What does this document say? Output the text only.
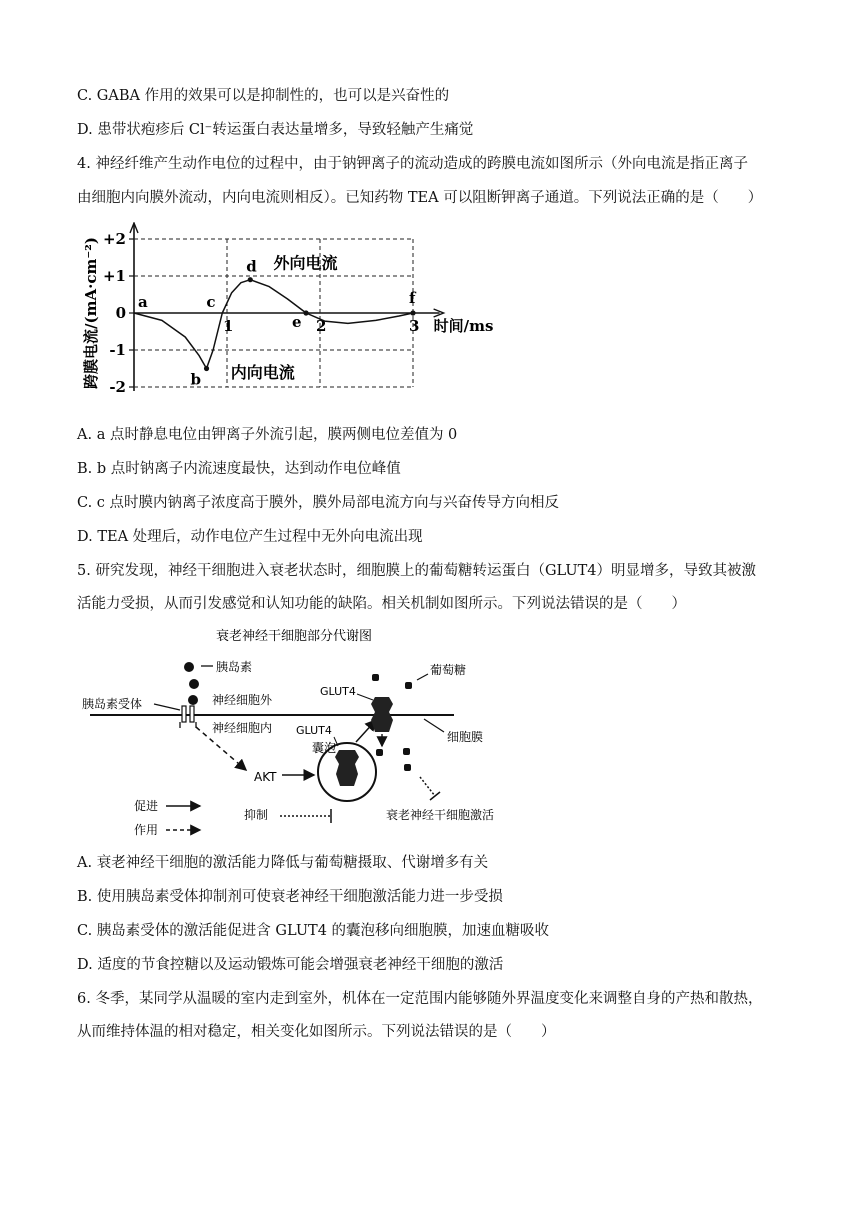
C. GABA 作用的效果可以是抑制性的，也可以是兴奋性的
D. 患带状疱疹后 Cl⁻转运蛋白表达量增多，导致轻触产生痛觉
4. 神经纤维产生动作电位的过程中，由于钠钾离子的流动造成的跨膜电流如图所示（外向电流是指正离子
由细胞内向膜外流动，内向电流则相反）。已知药物 TEA 可以阻断钾离子通道。下列说法正确的是（　　）
+2
+1
0
-1
-2
1	2	3
跨膜电流/(mA·cm⁻²)	时间/ms
a
b
c
d
e
f
外向电流
内向电流
A. a 点时静息电位由钾离子外流引起，膜两侧电位差值为 0
B. b 点时钠离子内流速度最快，达到动作电位峰值
C. c 点时膜内钠离子浓度高于膜外，膜外局部电流方向与兴奋传导方向相反
D. TEA 处理后，动作电位产生过程中无外向电流出现
5. 研究发现，神经干细胞进入衰老状态时，细胞膜上的葡萄糖转运蛋白（GLUT4）明显增多，导致其被激
活能力受损，从而引发感觉和认知功能的缺陷。相关机制如图所示。下列说法错误的是（　　）
衰老神经干细胞部分代谢图
胰岛素
胰岛素受体	神经细胞外
神经细胞内
AKT
囊泡
GLUT4
GLUT4
葡萄糖
细胞膜
衰老神经干细胞激活
促进
作用
抑制
A. 衰老神经干细胞的激活能力降低与葡萄糖摄取、代谢增多有关
B. 使用胰岛素受体抑制剂可使衰老神经干细胞激活能力进一步受损
C. 胰岛素受体的激活能促进含 GLUT4 的囊泡移向细胞膜，加速血糖吸收
D. 适度的节食控糖以及运动锻炼可能会增强衰老神经干细胞的激活
6. 冬季，某同学从温暖的室内走到室外，机体在一定范围内能够随外界温度变化来调整自身的产热和散热，
从而维持体温的相对稳定，相关变化如图所示。下列说法错误的是（　　）
